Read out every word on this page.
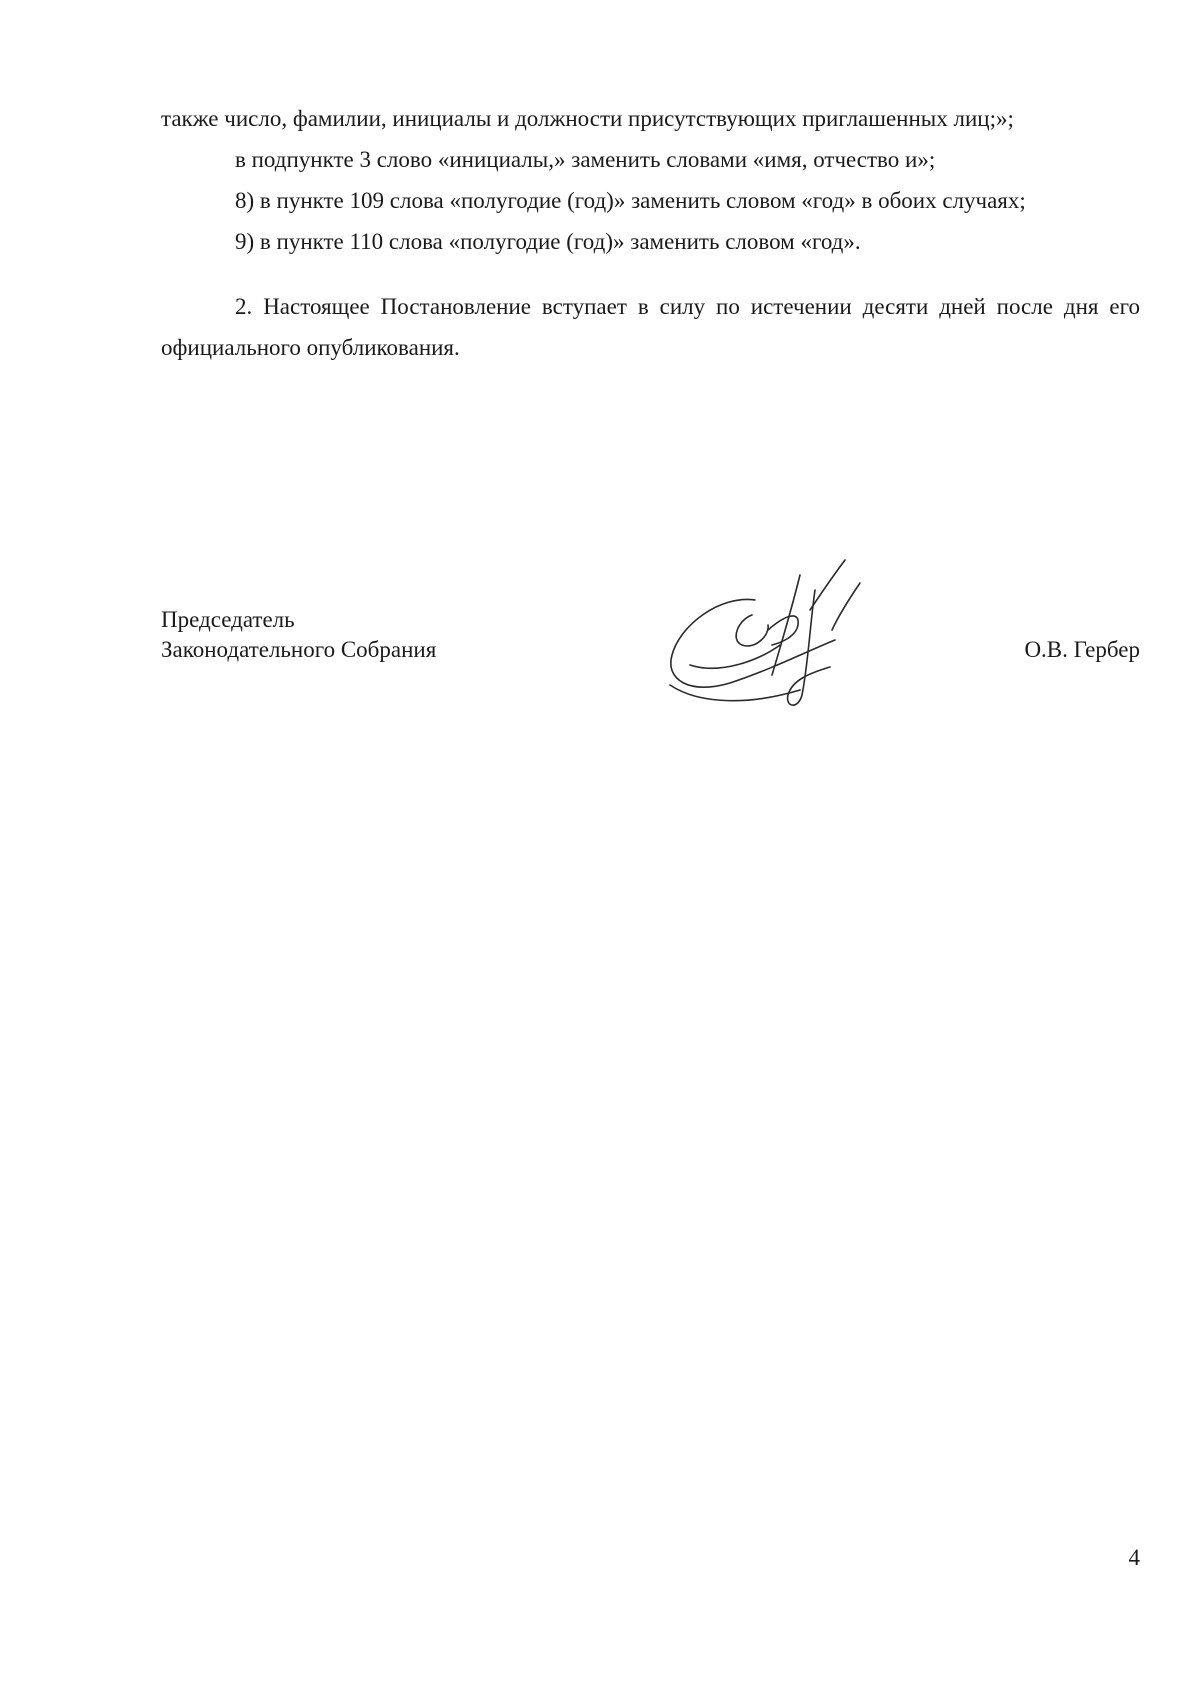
также число, фамилии, инициалы и должности присутствующих приглашенных лиц;»;

в подпункте 3 слово «инициалы,» заменить словами «имя, отчество и»;

8) в пункте 109 слова «полугодие (год)» заменить словом «год» в обоих случаях;

9) в пункте 110 слова «полугодие (год)» заменить словом «год».

2. Настоящее Постановление вступает в силу по истечении десяти дней после дня его официального опубликования.

Председатель
Законодательного Собрания	О.В. Гербер
4
